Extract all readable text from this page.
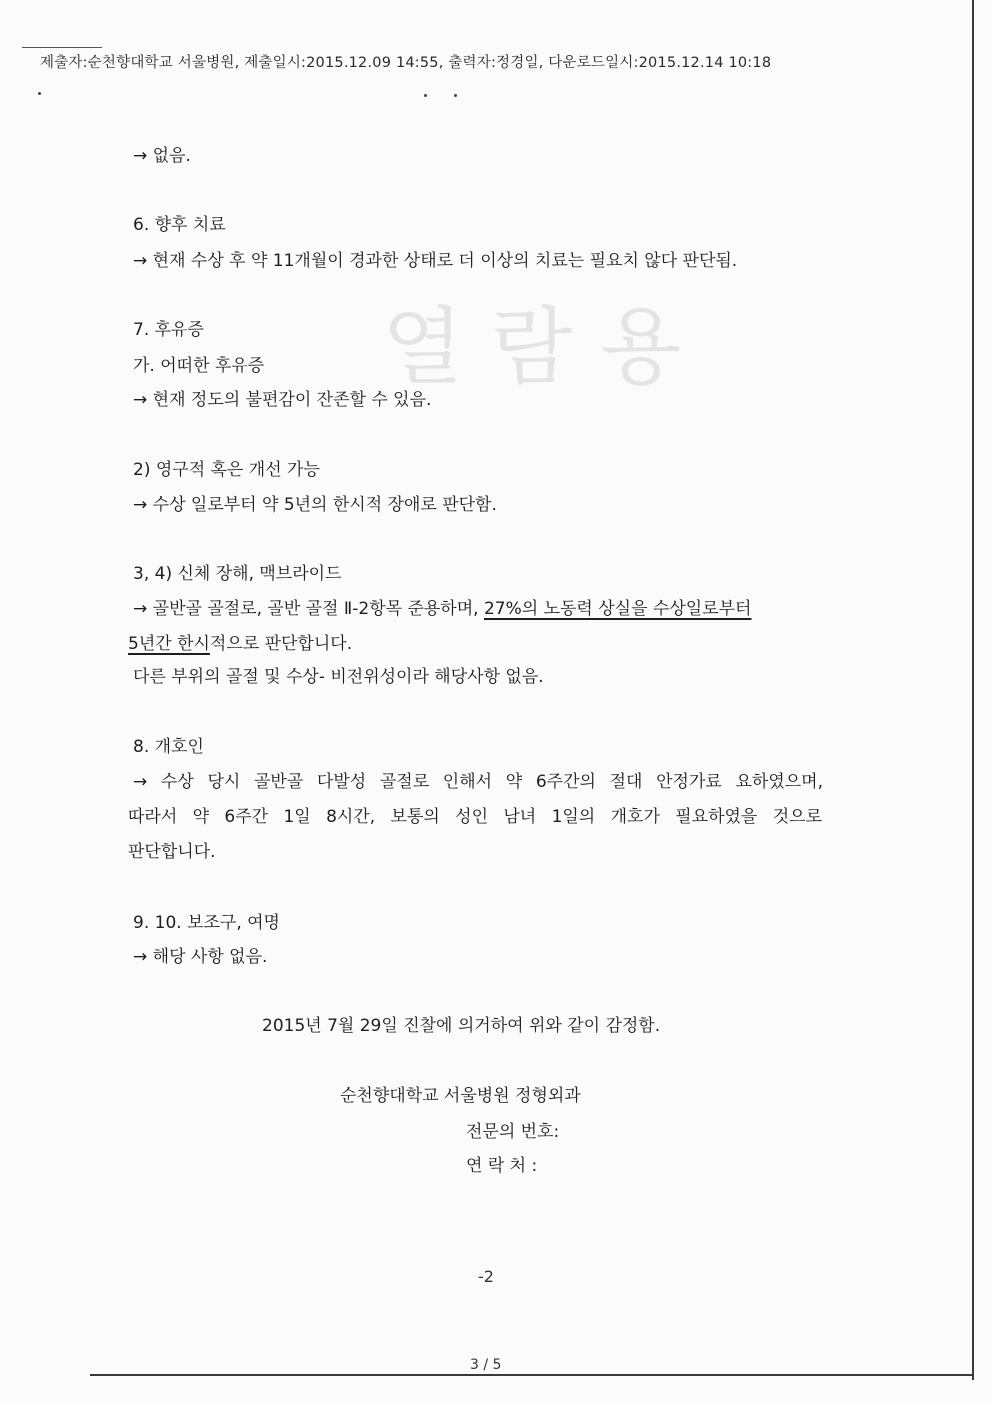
제출자:순천향대학교 서울병원, 제출일시:2015.12.09 14:55, 출력자:정경일, 다운로드일시:2015.12.14 10:18
열람용
→ 없음.
6. 향후 치료
→ 현재 수상 후 약 11개월이 경과한 상태로 더 이상의 치료는 필요치 않다 판단됨.
7. 후유증
가. 어떠한 후유증
→ 현재 정도의 불편감이 잔존할 수 있음.
2) 영구적 혹은 개선 가능
→ 수상 일로부터 약 5년의 한시적 장애로 판단함.
3, 4) 신체 장해, 맥브라이드
→ 골반골 골절로, 골반 골절 Ⅱ-2항목 준용하며, 27%의 노동력 상실을 수상일로부터
5년간 한시적으로 판단합니다.
다른 부위의 골절 및 수상- 비전위성이라 해당사항 없음.
8. 개호인
→ 수상 당시 골반골 다발성 골절로 인해서 약 6주간의 절대 안정가료 요하였으며,
따라서 약 6주간 1일 8시간, 보통의 성인 남녀 1일의 개호가 필요하였을 것으로
판단합니다.
9. 10. 보조구, 여명
→ 해당 사항 없음.
2015년 7월 29일 진찰에 의거하여 위와 같이 감정함.
순천향대학교 서울병원 정형외과
전문의 번호:
연 락 처 :
-2
3 / 5
